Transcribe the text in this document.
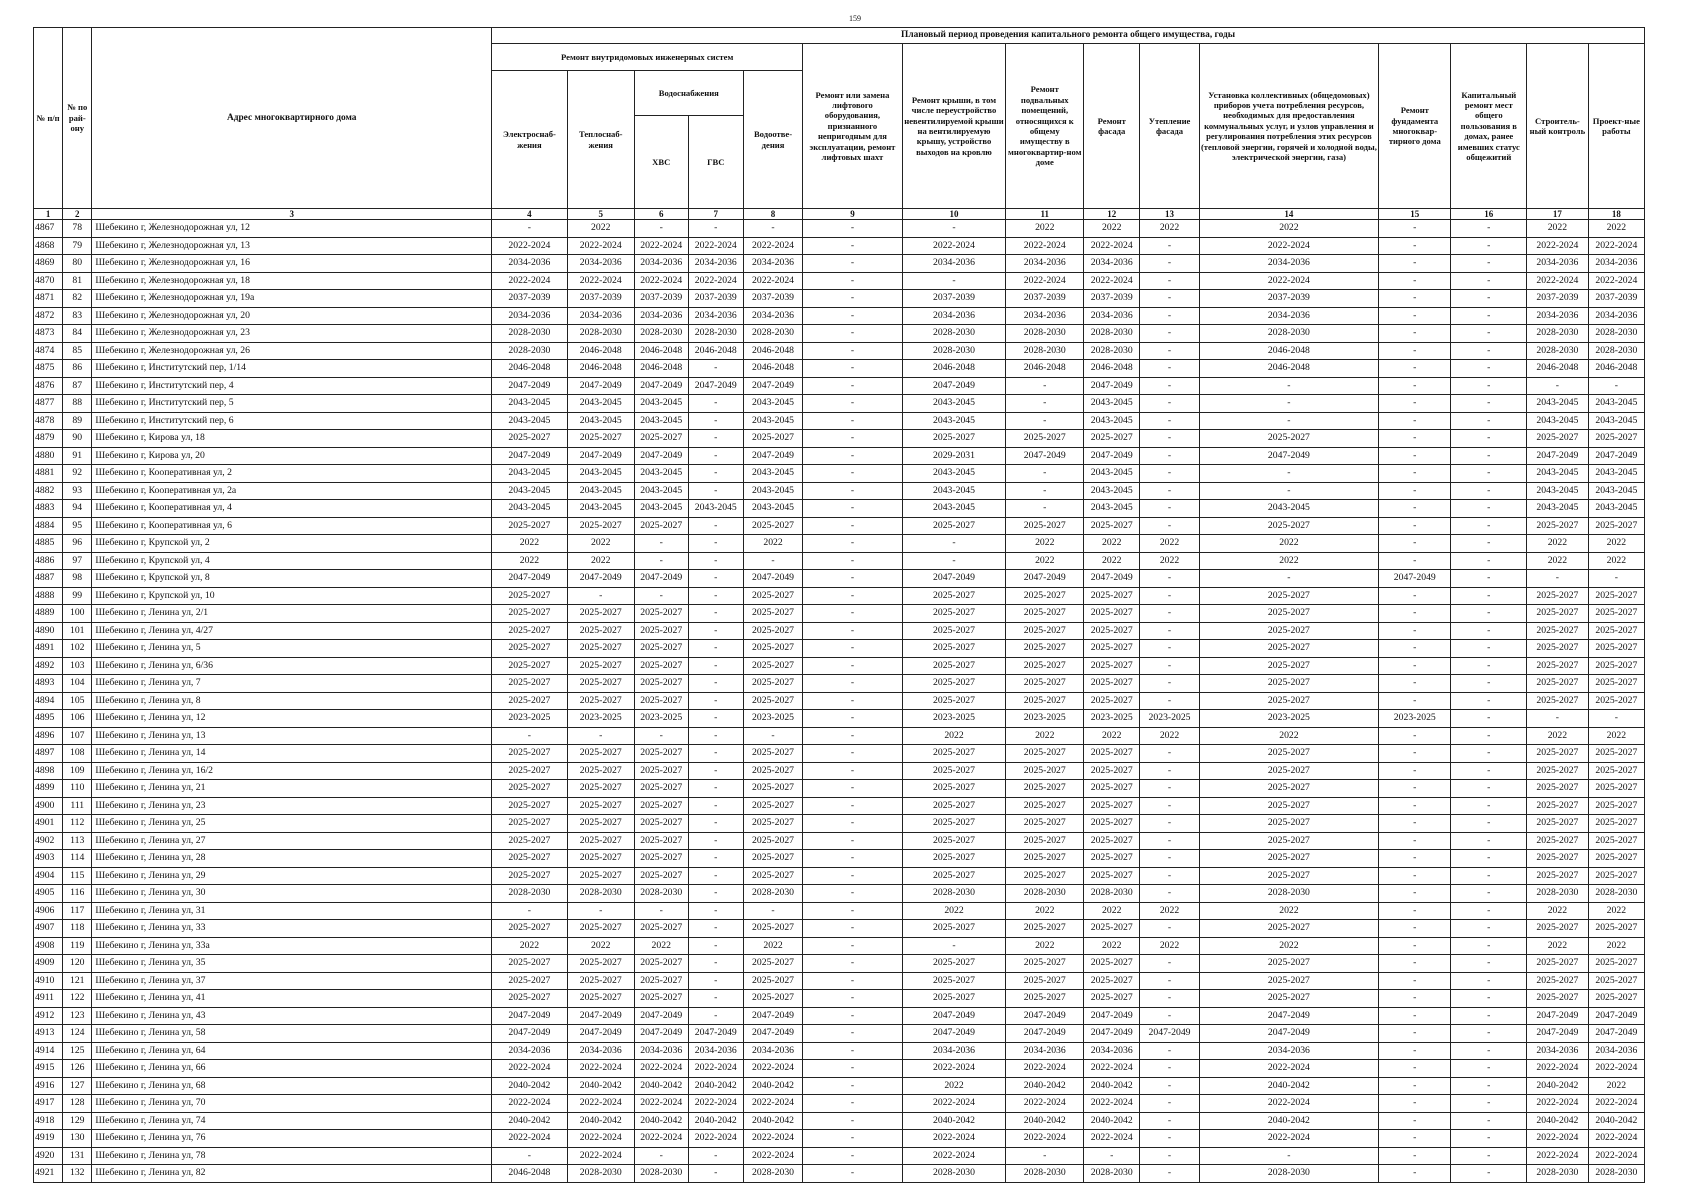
159
№ п/п	№ по рай-ону	Адрес многоквартирного дома	Плановый период проведения капитального ремонта общего имущества, годы														
			Ремонт внутридомовых инженерных систем					Ремонт или замена лифтового оборудования, признанного непригодным для эксплуатации, ремонт лифтовых шахт	Ремонт крыши, в том числе переустройство невентилируемой крыши на вентилируемую крышу, устройство выходов на кровлю	Ремонт подвальных помещений, относящихся к общему имуществу в многоквартир-ном доме	Ремонт фасада	Утепление фасада	Установка коллективных (общедомовых) приборов учета потребления ресурсов, необходимых для предоставления коммунальных услуг, и узлов управления и регулирования потребления этих ресурсов (тепловой энергии, горячей и холодной воды, электрической энергии, газа)	Ремонт фундамента многоквар-тирного дома	Капитальный ремонт мест общего пользования в домах, ранее имевших статус общежитий	Строитель-ный контроль	Проект-ные работы
			Электроснаб-жения	Теплоснаб-жения	Водоснабжения		Водоотве-дения										
					ХВС	ГВС											
1	2	3	4	5	6	7	8	9	10	11	12	13	14	15	16	17	18
4867	78	Шебекино г, Железнодорожная ул, 12	-	2022	-	-	-	-	-	2022	2022	2022	2022	-	-	2022	2022
4868	79	Шебекино г, Железнодорожная ул, 13	2022-2024	2022-2024	2022-2024	2022-2024	2022-2024	-	2022-2024	2022-2024	2022-2024	-	2022-2024	-	-	2022-2024	2022-2024
4869	80	Шебекино г, Железнодорожная ул, 16	2034-2036	2034-2036	2034-2036	2034-2036	2034-2036	-	2034-2036	2034-2036	2034-2036	-	2034-2036	-	-	2034-2036	2034-2036
4870	81	Шебекино г, Железнодорожная ул, 18	2022-2024	2022-2024	2022-2024	2022-2024	2022-2024	-	-	2022-2024	2022-2024	-	2022-2024	-	-	2022-2024	2022-2024
4871	82	Шебекино г, Железнодорожная ул, 19а	2037-2039	2037-2039	2037-2039	2037-2039	2037-2039	-	2037-2039	2037-2039	2037-2039	-	2037-2039	-	-	2037-2039	2037-2039
4872	83	Шебекино г, Железнодорожная ул, 20	2034-2036	2034-2036	2034-2036	2034-2036	2034-2036	-	2034-2036	2034-2036	2034-2036	-	2034-2036	-	-	2034-2036	2034-2036
4873	84	Шебекино г, Железнодорожная ул, 23	2028-2030	2028-2030	2028-2030	2028-2030	2028-2030	-	2028-2030	2028-2030	2028-2030	-	2028-2030	-	-	2028-2030	2028-2030
4874	85	Шебекино г, Железнодорожная ул, 26	2028-2030	2046-2048	2046-2048	2046-2048	2046-2048	-	2028-2030	2028-2030	2028-2030	-	2046-2048	-	-	2028-2030	2028-2030
4875	86	Шебекино г, Институтский пер, 1/14	2046-2048	2046-2048	2046-2048	-	2046-2048	-	2046-2048	2046-2048	2046-2048	-	2046-2048	-	-	2046-2048	2046-2048
4876	87	Шебекино г, Институтский пер, 4	2047-2049	2047-2049	2047-2049	2047-2049	2047-2049	-	2047-2049	-	2047-2049	-	-	-	-	-	-
4877	88	Шебекино г, Институтский пер, 5	2043-2045	2043-2045	2043-2045	-	2043-2045	-	2043-2045	-	2043-2045	-	-	-	-	2043-2045	2043-2045
4878	89	Шебекино г, Институтский пер, 6	2043-2045	2043-2045	2043-2045	-	2043-2045	-	2043-2045	-	2043-2045	-	-	-	-	2043-2045	2043-2045
4879	90	Шебекино г, Кирова ул, 18	2025-2027	2025-2027	2025-2027	-	2025-2027	-	2025-2027	2025-2027	2025-2027	-	2025-2027	-	-	2025-2027	2025-2027
4880	91	Шебекино г, Кирова ул, 20	2047-2049	2047-2049	2047-2049	-	2047-2049	-	2029-2031	2047-2049	2047-2049	-	2047-2049	-	-	2047-2049	2047-2049
4881	92	Шебекино г, Кооперативная ул, 2	2043-2045	2043-2045	2043-2045	-	2043-2045	-	2043-2045	-	2043-2045	-	-	-	-	2043-2045	2043-2045
4882	93	Шебекино г, Кооперативная ул, 2а	2043-2045	2043-2045	2043-2045	-	2043-2045	-	2043-2045	-	2043-2045	-	-	-	-	2043-2045	2043-2045
4883	94	Шебекино г, Кооперативная ул, 4	2043-2045	2043-2045	2043-2045	2043-2045	2043-2045	-	2043-2045	-	2043-2045	-	2043-2045	-	-	2043-2045	2043-2045
4884	95	Шебекино г, Кооперативная ул, 6	2025-2027	2025-2027	2025-2027	-	2025-2027	-	2025-2027	2025-2027	2025-2027	-	2025-2027	-	-	2025-2027	2025-2027
4885	96	Шебекино г, Крупской ул, 2	2022	2022	-	-	2022	-	-	2022	2022	2022	2022	-	-	2022	2022
4886	97	Шебекино г, Крупской ул, 4	2022	2022	-	-	-	-	-	2022	2022	2022	2022	-	-	2022	2022
4887	98	Шебекино г, Крупской ул, 8	2047-2049	2047-2049	2047-2049	-	2047-2049	-	2047-2049	2047-2049	2047-2049	-	-	2047-2049	-	-	-
4888	99	Шебекино г, Крупской ул, 10	2025-2027	-	-	-	2025-2027	-	2025-2027	2025-2027	2025-2027	-	2025-2027	-	-	2025-2027	2025-2027
4889	100	Шебекино г, Ленина ул, 2/1	2025-2027	2025-2027	2025-2027	-	2025-2027	-	2025-2027	2025-2027	2025-2027	-	2025-2027	-	-	2025-2027	2025-2027
4890	101	Шебекино г, Ленина ул, 4/27	2025-2027	2025-2027	2025-2027	-	2025-2027	-	2025-2027	2025-2027	2025-2027	-	2025-2027	-	-	2025-2027	2025-2027
4891	102	Шебекино г, Ленина ул, 5	2025-2027	2025-2027	2025-2027	-	2025-2027	-	2025-2027	2025-2027	2025-2027	-	2025-2027	-	-	2025-2027	2025-2027
4892	103	Шебекино г, Ленина ул, 6/36	2025-2027	2025-2027	2025-2027	-	2025-2027	-	2025-2027	2025-2027	2025-2027	-	2025-2027	-	-	2025-2027	2025-2027
4893	104	Шебекино г, Ленина ул, 7	2025-2027	2025-2027	2025-2027	-	2025-2027	-	2025-2027	2025-2027	2025-2027	-	2025-2027	-	-	2025-2027	2025-2027
4894	105	Шебекино г, Ленина ул, 8	2025-2027	2025-2027	2025-2027	-	2025-2027	-	2025-2027	2025-2027	2025-2027	-	2025-2027	-	-	2025-2027	2025-2027
4895	106	Шебекино г, Ленина ул, 12	2023-2025	2023-2025	2023-2025	-	2023-2025	-	2023-2025	2023-2025	2023-2025	2023-2025	2023-2025	2023-2025	-	-	-
4896	107	Шебекино г, Ленина ул, 13	-	-	-	-	-	-	2022	2022	2022	2022	2022	-	-	2022	2022
4897	108	Шебекино г, Ленина ул, 14	2025-2027	2025-2027	2025-2027	-	2025-2027	-	2025-2027	2025-2027	2025-2027	-	2025-2027	-	-	2025-2027	2025-2027
4898	109	Шебекино г, Ленина ул, 16/2	2025-2027	2025-2027	2025-2027	-	2025-2027	-	2025-2027	2025-2027	2025-2027	-	2025-2027	-	-	2025-2027	2025-2027
4899	110	Шебекино г, Ленина ул, 21	2025-2027	2025-2027	2025-2027	-	2025-2027	-	2025-2027	2025-2027	2025-2027	-	2025-2027	-	-	2025-2027	2025-2027
4900	111	Шебекино г, Ленина ул, 23	2025-2027	2025-2027	2025-2027	-	2025-2027	-	2025-2027	2025-2027	2025-2027	-	2025-2027	-	-	2025-2027	2025-2027
4901	112	Шебекино г, Ленина ул, 25	2025-2027	2025-2027	2025-2027	-	2025-2027	-	2025-2027	2025-2027	2025-2027	-	2025-2027	-	-	2025-2027	2025-2027
4902	113	Шебекино г, Ленина ул, 27	2025-2027	2025-2027	2025-2027	-	2025-2027	-	2025-2027	2025-2027	2025-2027	-	2025-2027	-	-	2025-2027	2025-2027
4903	114	Шебекино г, Ленина ул, 28	2025-2027	2025-2027	2025-2027	-	2025-2027	-	2025-2027	2025-2027	2025-2027	-	2025-2027	-	-	2025-2027	2025-2027
4904	115	Шебекино г, Ленина ул, 29	2025-2027	2025-2027	2025-2027	-	2025-2027	-	2025-2027	2025-2027	2025-2027	-	2025-2027	-	-	2025-2027	2025-2027
4905	116	Шебекино г, Ленина ул, 30	2028-2030	2028-2030	2028-2030	-	2028-2030	-	2028-2030	2028-2030	2028-2030	-	2028-2030	-	-	2028-2030	2028-2030
4906	117	Шебекино г, Ленина ул, 31	-	-	-	-	-	-	2022	2022	2022	2022	2022	-	-	2022	2022
4907	118	Шебекино г, Ленина ул, 33	2025-2027	2025-2027	2025-2027	-	2025-2027	-	2025-2027	2025-2027	2025-2027	-	2025-2027	-	-	2025-2027	2025-2027
4908	119	Шебекино г, Ленина ул, 33а	2022	2022	2022	-	2022	-	-	2022	2022	2022	2022	-	-	2022	2022
4909	120	Шебекино г, Ленина ул, 35	2025-2027	2025-2027	2025-2027	-	2025-2027	-	2025-2027	2025-2027	2025-2027	-	2025-2027	-	-	2025-2027	2025-2027
4910	121	Шебекино г, Ленина ул, 37	2025-2027	2025-2027	2025-2027	-	2025-2027	-	2025-2027	2025-2027	2025-2027	-	2025-2027	-	-	2025-2027	2025-2027
4911	122	Шебекино г, Ленина ул, 41	2025-2027	2025-2027	2025-2027	-	2025-2027	-	2025-2027	2025-2027	2025-2027	-	2025-2027	-	-	2025-2027	2025-2027
4912	123	Шебекино г, Ленина ул, 43	2047-2049	2047-2049	2047-2049	-	2047-2049	-	2047-2049	2047-2049	2047-2049	-	2047-2049	-	-	2047-2049	2047-2049
4913	124	Шебекино г, Ленина ул, 58	2047-2049	2047-2049	2047-2049	2047-2049	2047-2049	-	2047-2049	2047-2049	2047-2049	2047-2049	2047-2049	-	-	2047-2049	2047-2049
4914	125	Шебекино г, Ленина ул, 64	2034-2036	2034-2036	2034-2036	2034-2036	2034-2036	-	2034-2036	2034-2036	2034-2036	-	2034-2036	-	-	2034-2036	2034-2036
4915	126	Шебекино г, Ленина ул, 66	2022-2024	2022-2024	2022-2024	2022-2024	2022-2024	-	2022-2024	2022-2024	2022-2024	-	2022-2024	-	-	2022-2024	2022-2024
4916	127	Шебекино г, Ленина ул, 68	2040-2042	2040-2042	2040-2042	2040-2042	2040-2042	-	2022	2040-2042	2040-2042	-	2040-2042	-	-	2040-2042	2022
4917	128	Шебекино г, Ленина ул, 70	2022-2024	2022-2024	2022-2024	2022-2024	2022-2024	-	2022-2024	2022-2024	2022-2024	-	2022-2024	-	-	2022-2024	2022-2024
4918	129	Шебекино г, Ленина ул, 74	2040-2042	2040-2042	2040-2042	2040-2042	2040-2042	-	2040-2042	2040-2042	2040-2042	-	2040-2042	-	-	2040-2042	2040-2042
4919	130	Шебекино г, Ленина ул, 76	2022-2024	2022-2024	2022-2024	2022-2024	2022-2024	-	2022-2024	2022-2024	2022-2024	-	2022-2024	-	-	2022-2024	2022-2024
4920	131	Шебекино г, Ленина ул, 78	-	2022-2024	-	-	2022-2024	-	2022-2024	-	-	-	-	-	-	2022-2024	2022-2024
4921	132	Шебекино г, Ленина ул, 82	2046-2048	2028-2030	2028-2030	-	2028-2030	-	2028-2030	2028-2030	2028-2030	-	2028-2030	-	-	2028-2030	2028-2030
